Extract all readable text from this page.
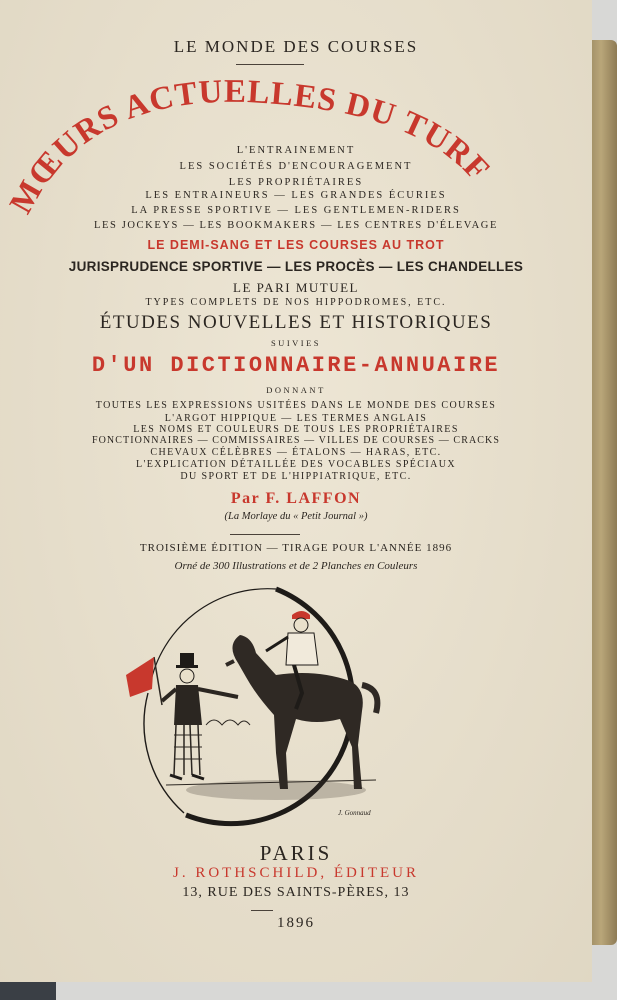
LE MONDE DES COURSES
MŒURS ACTUELLES DU TURF
L'ENTRAINEMENT
LES SOCIÉTÉS D'ENCOURAGEMENT
LES PROPRIÉTAIRES
LES ENTRAINEURS — LES GRANDES ÉCURIES
LA PRESSE SPORTIVE — LES GENTLEMEN-RIDERS
LES JOCKEYS — LES BOOKMAKERS — LES CENTRES D'ÉLEVAGE
LE DEMI-SANG ET LES COURSES AU TROT
JURISPRUDENCE SPORTIVE — LES PROCÈS — LES CHANDELLES
LE PARI MUTUEL
TYPES COMPLETS DE NOS HIPPODROMES, ETC.
ÉTUDES NOUVELLES ET HISTORIQUES
SUIVIES
D'UN DICTIONNAIRE-ANNUAIRE
DONNANT
TOUTES LES EXPRESSIONS USITÉES DANS LE MONDE DES COURSES
L'ARGOT HIPPIQUE — LES TERMES ANGLAIS
LES NOMS ET COULEURS DE TOUS LES PROPRIÉTAIRES
FONCTIONNAIRES — COMMISSAIRES — VILLES DE COURSES — CRACKS
CHEVAUX CÉLÈBRES — ÉTALONS — HARAS, ETC.
L'EXPLICATION DÉTAILLÉE DES VOCABLES SPÉCIAUX
DU SPORT ET DE L'HIPPIATRIQUE, ETC.
Par F. LAFFON
(La Morlaye du « Petit Journal »)
TROISIÈME ÉDITION — TIRAGE POUR L'ANNÉE 1896
Orné de 300 Illustrations et de 2 Planches en Couleurs
J. Gonnaud
PARIS
J. ROTHSCHILD, ÉDITEUR
13, RUE DES SAINTS-PÈRES, 13
1896
